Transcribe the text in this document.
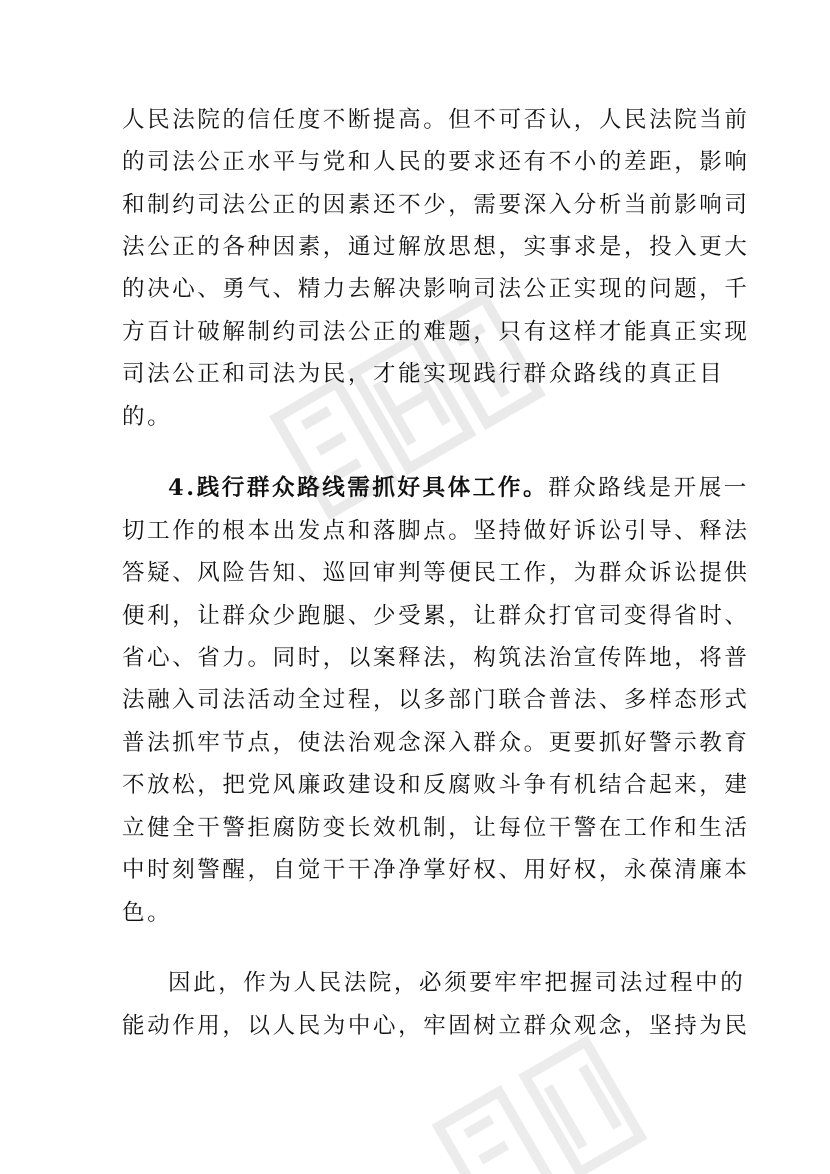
人民法院的信任度不断提高。但不可否认，人民法院当前
的司法公正水平与党和人民的要求还有不小的差距，影响
和制约司法公正的因素还不少，需要深入分析当前影响司
法公正的各种因素，通过解放思想，实事求是，投入更大
的决心、勇气、精力去解决影响司法公正实现的问题，千
方百计破解制约司法公正的难题，只有这样才能真正实现
司法公正和司法为民，才能实现践行群众路线的真正目
的。
4.践行群众路线需抓好具体工作。群众路线是开展一
切工作的根本出发点和落脚点。坚持做好诉讼引导、释法
答疑、风险告知、巡回审判等便民工作，为群众诉讼提供
便利，让群众少跑腿、少受累，让群众打官司变得省时、
省心、省力。同时，以案释法，构筑法治宣传阵地，将普
法融入司法活动全过程，以多部门联合普法、多样态形式
普法抓牢节点，使法治观念深入群众。更要抓好警示教育
不放松，把党风廉政建设和反腐败斗争有机结合起来，建
立健全干警拒腐防变长效机制，让每位干警在工作和生活
中时刻警醒，自觉干干净净掌好权、用好权，永葆清廉本
色。
因此，作为人民法院，必须要牢牢把握司法过程中的
能动作用，以人民为中心，牢固树立群众观念，坚持为民
